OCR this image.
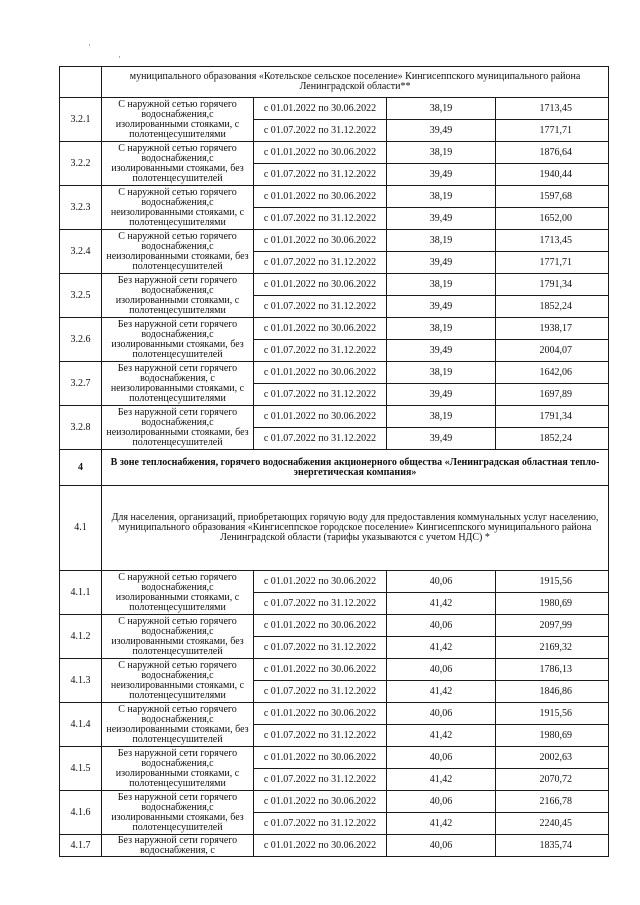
·
·
	муниципального образования «Котельское сельское поселение» Кингисеппского муниципального района Ленинградской области**			
3.2.1	С наружной сетью горячего водоснабжения,с изолированными стояками, с полотенцесушителями	с 01.01.2022 по 30.06.2022	38,19	1713,45
		с 01.07.2022 по 31.12.2022	39,49	1771,71
3.2.2	С наружной сетью горячего водоснабжения,с изолированными стояками, без полотенцесушителей	с 01.01.2022 по 30.06.2022	38,19	1876,64
		с 01.07.2022 по 31.12.2022	39,49	1940,44
3.2.3	С наружной сетью горячего водоснабжения,с неизолированными стояками, с полотенцесушителями	с 01.01.2022 по 30.06.2022	38,19	1597,68
		с 01.07.2022 по 31.12.2022	39,49	1652,00
3.2.4	С наружной сетью горячего водоснабжения,с неизолированными стояками, без полотенцесушителей	с 01.01.2022 по 30.06.2022	38,19	1713,45
		с 01.07.2022 по 31.12.2022	39,49	1771,71
3.2.5	Без наружной сети горячего водоснабжения,с изолированными стояками, с полотенцесушителями	с 01.01.2022 по 30.06.2022	38,19	1791,34
		с 01.07.2022 по 31.12.2022	39,49	1852,24
3.2.6	Без наружной сети горячего водоснабжения,с изолированными стояками, без полотенцесушителей	с 01.01.2022 по 30.06.2022	38,19	1938,17
		с 01.07.2022 по 31.12.2022	39,49	2004,07
3.2.7	Без наружной сети горячего водоснабжения, с неизолированными стояками, с полотенцесушителями	с 01.01.2022 по 30.06.2022	38,19	1642,06
		с 01.07.2022 по 31.12.2022	39,49	1697,89
3.2.8	Без наружной сети горячего водоснабжения,с неизолированными стояками, без полотенцесушителей	с 01.01.2022 по 30.06.2022	38,19	1791,34
		с 01.07.2022 по 31.12.2022	39,49	1852,24
4	В зоне теплоснабжения, горячего водоснабжения акционерного общества «Ленинградская областная тепло-энергетическая компания»			
4.1	Для населения, организаций, приобретающих горячую воду для предоставления коммунальных услуг населению, муниципального образования «Кингисеппское городское поселение» Кингисеппского муниципального района Ленинградской области (тарифы указываются с учетом НДС) *			
4.1.1	С наружной сетью горячего водоснабжения,с изолированными стояками, с полотенцесушителями	с 01.01.2022 по 30.06.2022	40,06	1915,56
		с 01.07.2022 по 31.12.2022	41,42	1980,69
4.1.2	С наружной сетью горячего водоснабжения,с изолированными стояками, без полотенцесушителей	с 01.01.2022 по 30.06.2022	40,06	2097,99
		с 01.07.2022 по 31.12.2022	41,42	2169,32
4.1.3	С наружной сетью горячего водоснабжения,с неизолированными стояками, с полотенцесушителями	с 01.01.2022 по 30.06.2022	40,06	1786,13
		с 01.07.2022 по 31.12.2022	41,42	1846,86
4.1.4	С наружной сетью горячего водоснабжения,с неизолированными стояками, без полотенцесушителей	с 01.01.2022 по 30.06.2022	40,06	1915,56
		с 01.07.2022 по 31.12.2022	41,42	1980,69
4.1.5	Без наружной сети горячего водоснабжения,с изолированными стояками, с полотенцесушителями	с 01.01.2022 по 30.06.2022	40,06	2002,63
		с 01.07.2022 по 31.12.2022	41,42	2070,72
4.1.6	Без наружной сети горячего водоснабжения,с изолированными стояками, без полотенцесушителей	с 01.01.2022 по 30.06.2022	40,06	2166,78
		с 01.07.2022 по 31.12.2022	41,42	2240,45
4.1.7	Без наружной сети горячего водоснабжения, с	с 01.01.2022 по 30.06.2022	40,06	1835,74
